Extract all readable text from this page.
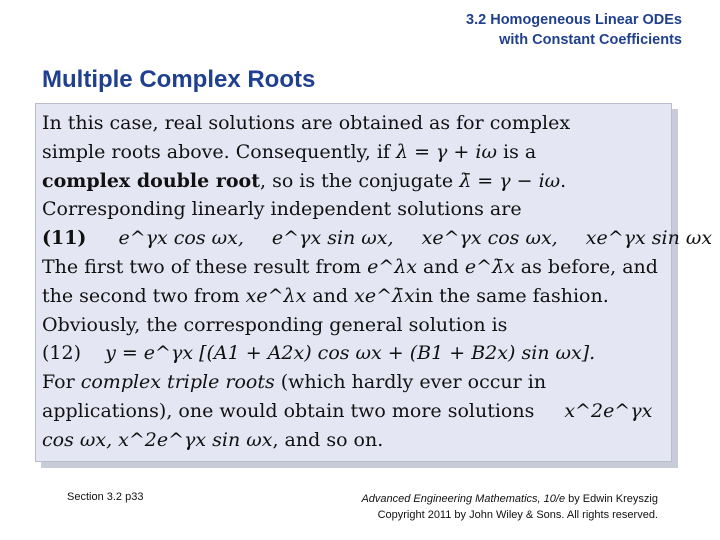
3.2 Homogeneous Linear ODEs
with Constant Coefficients
Multiple Complex Roots
In this case, real solutions are obtained as for complex
simple roots above. Consequently, if λ = γ + iω is a
complex double root, so is the conjugate λ̄ = γ − iω.
Corresponding linearly independent solutions are
(11) e^γx cos ωx, e^γx sin ωx, xe^γx cos ωx, xe^γx sin ωx
The first two of these result from e^λx and e^λ̄x as before, and
the second two from xe^λx and xe^λ̄xin the same fashion.
Obviously, the corresponding general solution is
(12) y = e^γx [(A1 + A2x) cos ωx + (B1 + B2x) sin ωx].
For complex triple roots (which hardly ever occur in
applications), one would obtain two more solutions x^2e^γx
cos ωx, x^2e^γx sin ωx, and so on.
Section 3.2 p33	Advanced Engineering Mathematics, 10/e by Edwin Kreyszig
Copyright 2011 by John Wiley & Sons. All rights reserved.
